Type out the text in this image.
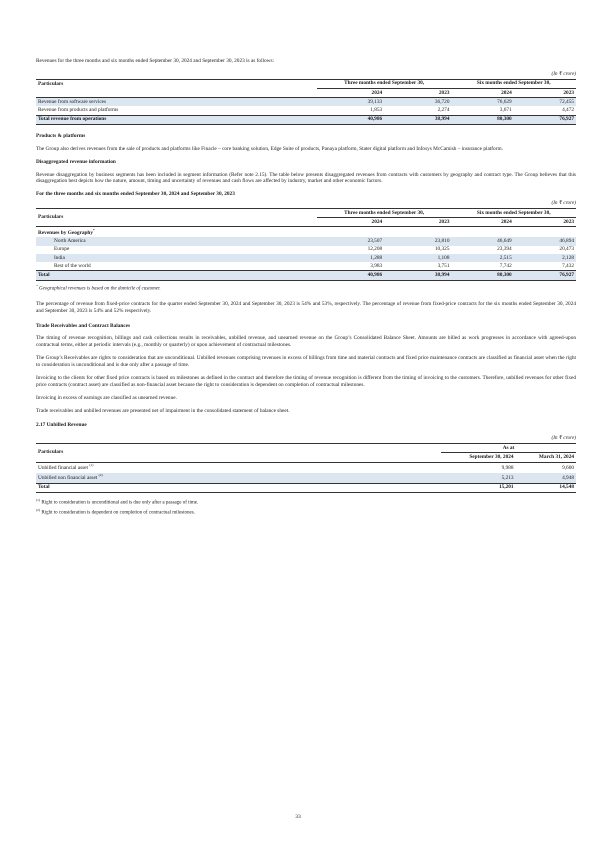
Revenues for the three months and six months ended September 30, 2024 and September 30, 2023 is as follows:

(In ₹ crore)
Particulars	Three months ended September 30,		Six months ended September 30,	
	2024	2023	2024	2023
Revenue from software services	39,133	36,720	76,629	72,455
Revenue from products and platforms	1,853	2,274	3,671	4,472
Total revenue from operations	40,986	38,994	80,300	76,927
Products & platforms

The Group also derives revenues from the sale of products and platforms like Finacle – core banking solution, Edge Suite of products, Panaya platform, Stater digital platform and Infosys McCamish – insurance platform.

Disaggregated revenue information

Revenue disaggregation by business segments has been included in segment information (Refer note 2.15). The table below presents disaggregated revenues from contracts with customers by geography and contract type. The Group believes that this disaggregation best depicts how the nature, amount, timing and uncertainty of revenues and cash flows are affected by industry, market and other economic factors.

For the three months and six months ended September 30, 2024 and September 30, 2023
(In ₹ crore)
Particulars	Three months ended September 30,		Six months ended September 30,	
	2024	2023	2024	2023
Revenues by Geography*
North America	23,507	23,810	46,649	46,894
Europe	12,208	10,325	23,394	20,473
India	1,288	1,108	2,515	2,128
Rest of the world	3,983	3,751	7,742	7,432
Total	40,986	38,994	80,300	76,927
* Geographical revenues is based on the domicile of customer.

The percentage of revenue from fixed-price contracts for the quarter ended September 30, 2024 and September 30, 2023 is 54% and 53%, respectively. The percentage of revenue from fixed-price contracts for the six months ended September 30, 2024 and September 30, 2023 is 54% and 52% respectively.

Trade Receivables and Contract Balances

The timing of revenue recognition, billings and cash collections results in receivables, unbilled revenue, and unearned revenue on the Group’s Consolidated Balance Sheet. Amounts are billed as work progresses in accordance with agreed-upon contractual terms, either at periodic intervals (e.g., monthly or quarterly) or upon achievement of contractual milestones.

The Group’s Receivables are rights to consideration that are unconditional. Unbilled revenues comprising revenues in excess of billings from time and material contracts and fixed price maintenance contracts are classified as financial asset when the right to consideration is unconditional and is due only after a passage of time.

Invoicing to the clients for other fixed price contracts is based on milestones as defined in the contract and therefore the timing of revenue recognition is different from the timing of invoicing to the customers. Therefore, unbilled revenues for other fixed price contracts (contract asset) are classified as non-financial asset because the right to consideration is dependent on completion of contractual milestones.

Invoicing in excess of earnings are classified as unearned revenue.

Trade receivables and unbilled revenues are presented net of impairment in the consolidated statement of balance sheet.

2.17 Unbilled Revenue
(In ₹ crore)
Particulars	As at	
	September 30, 2024	March 31, 2024
Unbilled financial asset $^{(1)}$	9,988	9,600
Unbilled non financial asset $^{(2)}$	5,213	4,948
Total	15,201	14,548
$^{(1)}$ Right to consideration is unconditional and is due only after a passage of time.
$^{(2)}$ Right to consideration is dependent on completion of contractual milestones.
33
